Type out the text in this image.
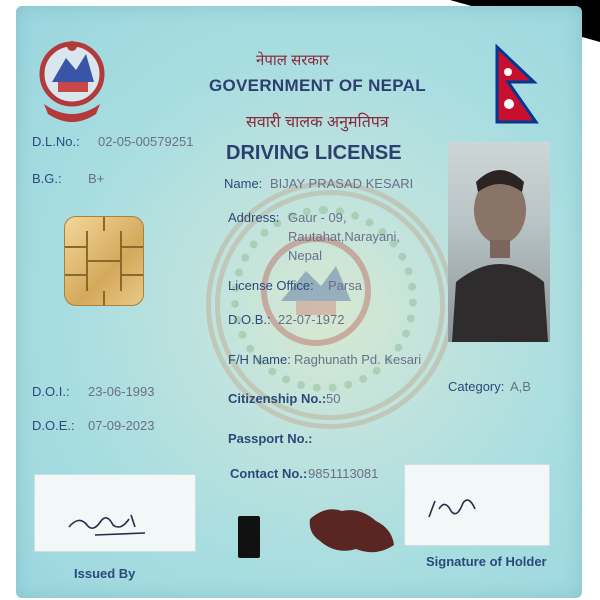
नेपाल सरकार
GOVERNMENT OF NEPAL
सवारी चालक अनुमतिपत्र
DRIVING LICENSE
D.L.No.: 02-05-00579251
B.G.: B+
D.O.I.: 23-06-1993
D.O.E.: 07-09-2023
Name: BIJAY PRASAD KESARI
Address: Gaur - 09,
Rautahat,Narayani,
Nepal
License Office: Parsa
D.O.B.: 22-07-1972
F/H Name: Raghunath Pd. Kesari
Citizenship No.: 50
Passport No.:
Contact No.: 9851113081
Category: A,B
Issued By
Signature of Holder
